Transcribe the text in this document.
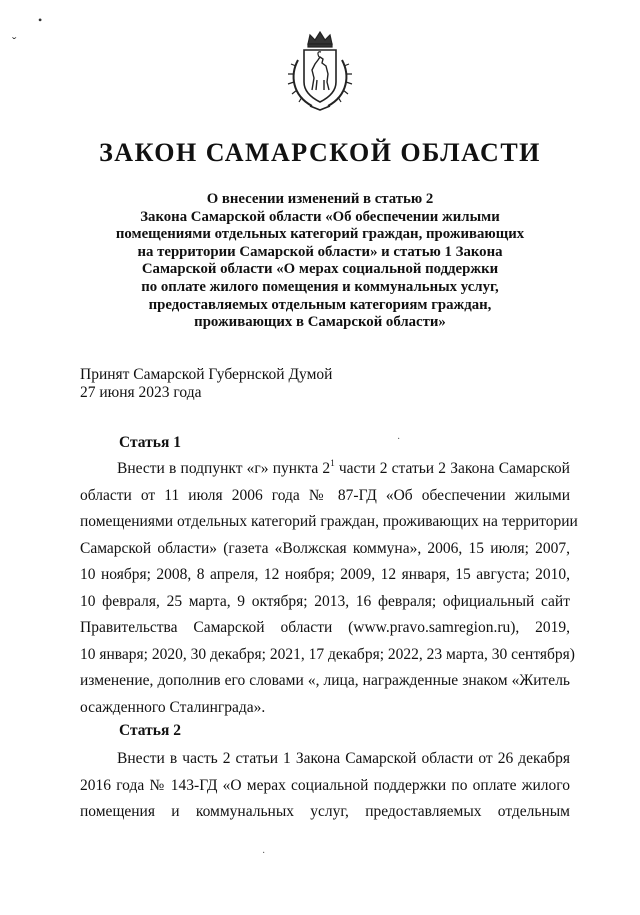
•
ˇ
ЗАКОН САМАРСКОЙ ОБЛАСТИ
О внесении изменений в статью 2
Закона Самарской области «Об обеспечении жилыми
помещениями отдельных категорий граждан, проживающих
на территории Самарской области» и статью 1 Закона
Самарской области «О мерах социальной поддержки
по оплате жилого помещения и коммунальных услуг,
предоставляемых отдельным категориям граждан,
проживающих в Самарской области»
Принят Самарской Губернской Думой
27 июня 2023 года
·
Статья 1
Внести в подпункт «г» пункта $2^1$ части 2 статьи 2 Закона Самарской
области от 11 июля 2006 года № 87-ГД «Об обеспечении жилыми
помещениями отдельных категорий граждан, проживающих на территории
Самарской области» (газета «Волжская коммуна», 2006, 15 июля; 2007,
10 ноября; 2008, 8 апреля, 12 ноября; 2009, 12 января, 15 августа; 2010,
10 февраля, 25 марта, 9 октября; 2013, 16 февраля; официальный сайт
Правительства Самарской области (www.pravo.samregion.ru), 2019,
10 января; 2020, 30 декабря; 2021, 17 декабря; 2022, 23 марта, 30 сентября)
изменение, дополнив его словами «, лица, награжденные знаком «Житель
осажденного Сталинграда».
Статья 2
Внести в часть 2 статьи 1 Закона Самарской области от 26 декабря
2016 года № 143-ГД «О мерах социальной поддержки по оплате жилого
помещения и коммунальных услуг, предоставляемых отдельным
·
